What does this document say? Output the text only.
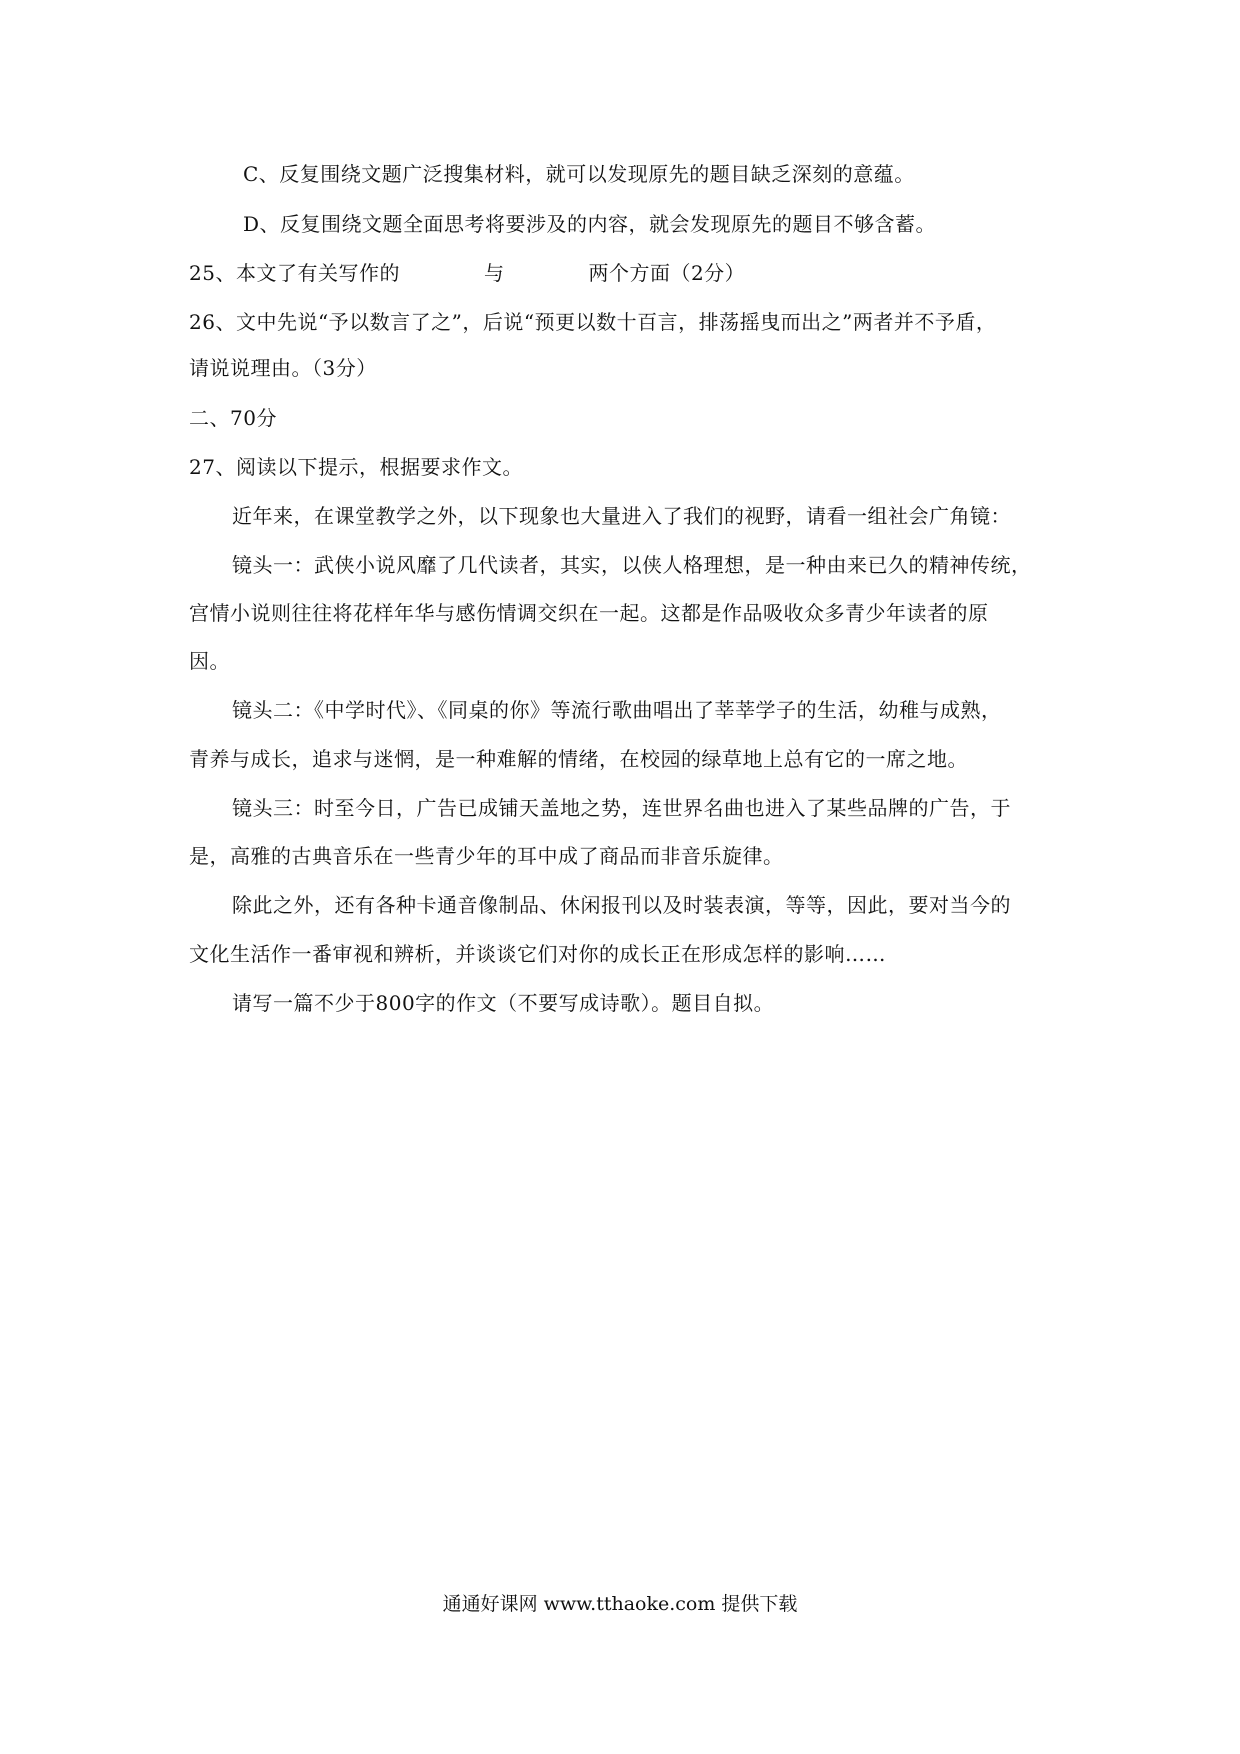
C、反复围绕文题广泛搜集材料，就可以发现原先的题目缺乏深刻的意蕴。
D、反复围绕文题全面思考将要涉及的内容，就会发现原先的题目不够含蓄。
25、本文了有关写作的	与	两个方面（2分）
26、文中先说“予以数言了之”，后说“预更以数十百言，排荡摇曳而出之”两者并不予盾，
请说说理由。（3分）
二、70分
27、阅读以下提示，根据要求作文。
近年来，在课堂教学之外，以下现象也大量进入了我们的视野，请看一组社会广角镜：
镜头一：武侠小说风靡了几代读者，其实，以侠人格理想，是一种由来已久的精神传统，
宫情小说则往往将花样年华与感伤情调交织在一起。这都是作品吸收众多青少年读者的原
因。
镜头二：《中学时代》、《同桌的你》等流行歌曲唱出了莘莘学子的生活，幼稚与成熟，
青养与成长，追求与迷惘，是一种难解的情绪，在校园的绿草地上总有它的一席之地。
镜头三：时至今日，广告已成铺天盖地之势，连世界名曲也进入了某些品牌的广告，于
是，高雅的古典音乐在一些青少年的耳中成了商品而非音乐旋律。
除此之外，还有各种卡通音像制品、休闲报刊以及时装表演，等等，因此，要对当今的
文化生活作一番审视和辨析，并谈谈它们对你的成长正在形成怎样的影响……
请写一篇不少于800字的作文（不要写成诗歌）。题目自拟。
通通好课网 www.tthaoke.com 提供下载
